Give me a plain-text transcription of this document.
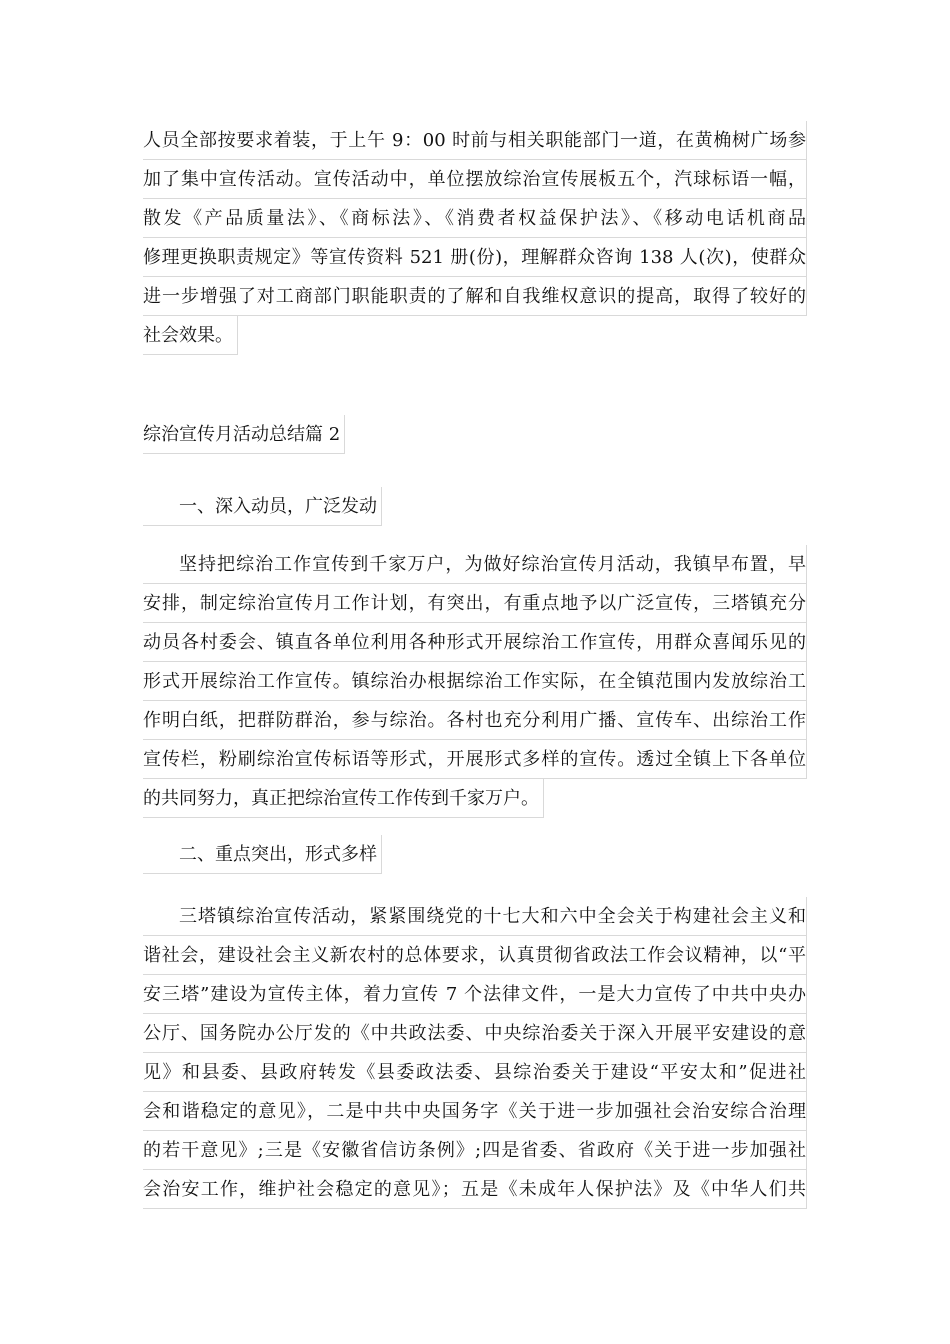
人员全部按要求着装，于上午 9：00 时前与相关职能部门一道，在黄桷树广场参
加了集中宣传活动。宣传活动中，单位摆放综治宣传展板五个，汽球标语一幅，
散发《产品质量法》、《商标法》、《消费者权益保护法》、《移动电话机商品
修理更换职责规定》等宣传资料 521 册(份)，理解群众咨询 138 人(次)，使群众
进一步增强了对工商部门职能职责的了解和自我维权意识的提高，取得了较好的
社会效果。
综治宣传月活动总结篇 2
一、深入动员，广泛发动
坚持把综治工作宣传到千家万户，为做好综治宣传月活动，我镇早布置，早
安排，制定综治宣传月工作计划，有突出，有重点地予以广泛宣传，三塔镇充分
动员各村委会、镇直各单位利用各种形式开展综治工作宣传，用群众喜闻乐见的
形式开展综治工作宣传。镇综治办根据综治工作实际，在全镇范围内发放综治工
作明白纸，把群防群治，参与综治。各村也充分利用广播、宣传车、出综治工作
宣传栏，粉刷综治宣传标语等形式，开展形式多样的宣传。透过全镇上下各单位
的共同努力，真正把综治宣传工作传到千家万户。
二、重点突出，形式多样
三塔镇综治宣传活动，紧紧围绕党的十七大和六中全会关于构建社会主义和
谐社会，建设社会主义新农村的总体要求，认真贯彻省政法工作会议精神，以“平
安三塔”建设为宣传主体，着力宣传 7 个法律文件，一是大力宣传了中共中央办
公厅、国务院办公厅发的《中共政法委、中央综治委关于深入开展平安建设的意
见》和县委、县政府转发《县委政法委、县综治委关于建设“平安太和”促进社
会和谐稳定的意见》，二是中共中央国务字《关于进一步加强社会治安综合治理
的若干意见》;三是《安徽省信访条例》;四是省委、省政府《关于进一步加强社
会治安工作，维护社会稳定的意见》；五是《未成年人保护法》及《中华人们共
